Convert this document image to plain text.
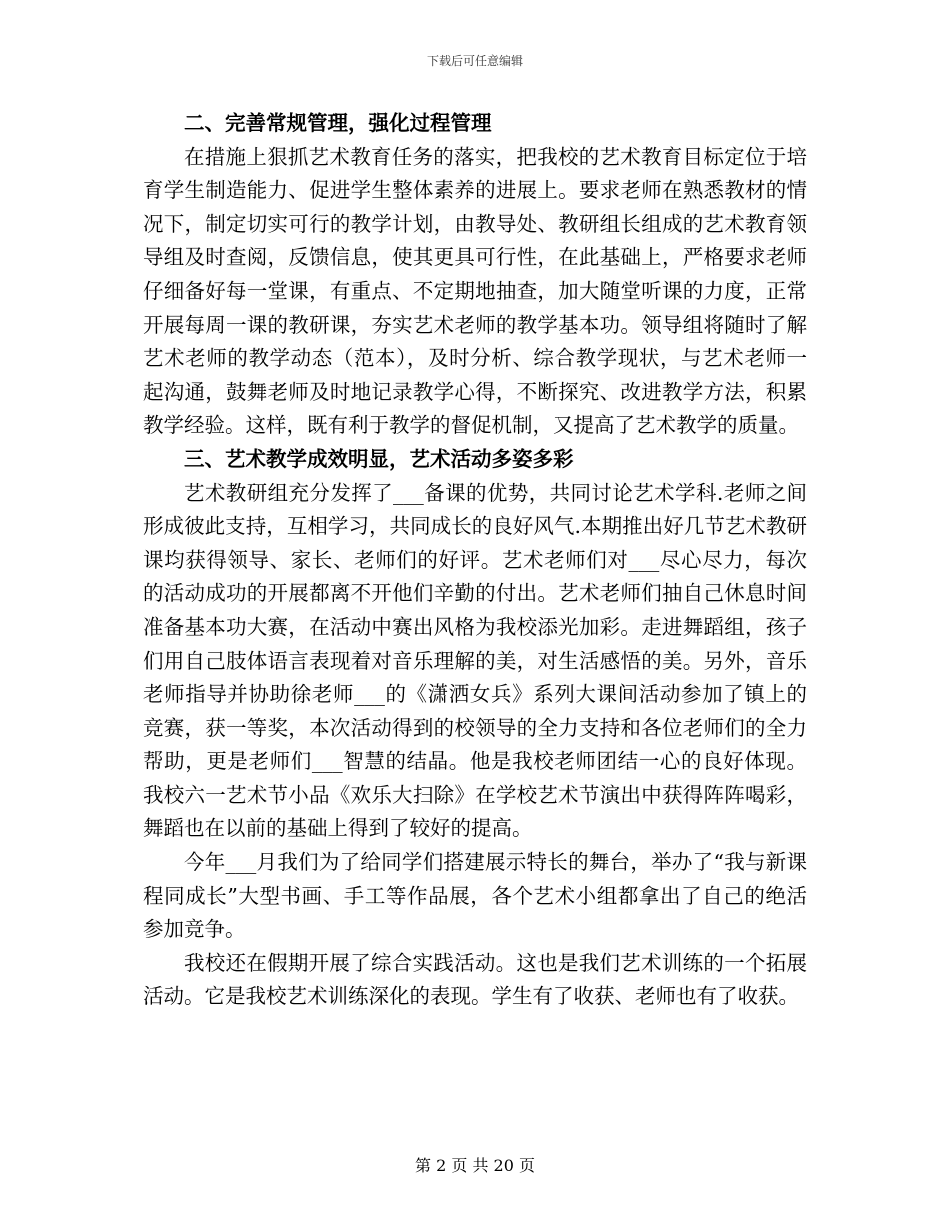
下载后可任意编辑
二、完善常规管理，强化过程管理

在措施上狠抓艺术教育任务的落实，把我校的艺术教育目标定位于培育学生制造能力、促进学生整体素养的进展上。要求老师在熟悉教材的情况下，制定切实可行的教学计划，由教导处、教研组长组成的艺术教育领导组及时查阅，反馈信息，使其更具可行性，在此基础上，严格要求老师仔细备好每一堂课，有重点、不定期地抽查，加大随堂听课的力度，正常开展每周一课的教研课，夯实艺术老师的教学基本功。领导组将随时了解艺术老师的教学动态（范本），及时分析、综合教学现状，与艺术老师一起沟通，鼓舞老师及时地记录教学心得，不断探究、改进教学方法，积累教学经验。这样，既有利于教学的督促机制，又提高了艺术教学的质量。

三、艺术教学成效明显，艺术活动多姿多彩

艺术教研组充分发挥了___备课的优势，共同讨论艺术学科.老师之间形成彼此支持，互相学习，共同成长的良好风气.本期推出好几节艺术教研课均获得领导、家长、老师们的好评。艺术老师们对___尽心尽力，每次的活动成功的开展都离不开他们辛勤的付出。艺术老师们抽自己休息时间准备基本功大赛，在活动中赛出风格为我校添光加彩。走进舞蹈组，孩子们用自己肢体语言表现着对音乐理解的美，对生活感悟的美。另外，音乐老师指导并协助徐老师___的《潇洒女兵》系列大课间活动参加了镇上的竞赛，获一等奖，本次活动得到的校领导的全力支持和各位老师们的全力帮助，更是老师们___智慧的结晶。他是我校老师团结一心的良好体现。我校六一艺术节小品《欢乐大扫除》在学校艺术节演出中获得阵阵喝彩，舞蹈也在以前的基础上得到了较好的提高。

今年___月我们为了给同学们搭建展示特长的舞台，举办了“我与新课程同成长”大型书画、手工等作品展，各个艺术小组都拿出了自己的绝活参加竞争。

我校还在假期开展了综合实践活动。这也是我们艺术训练的一个拓展活动。它是我校艺术训练深化的表现。学生有了收获、老师也有了收获。

第 2 页 共 20 页
